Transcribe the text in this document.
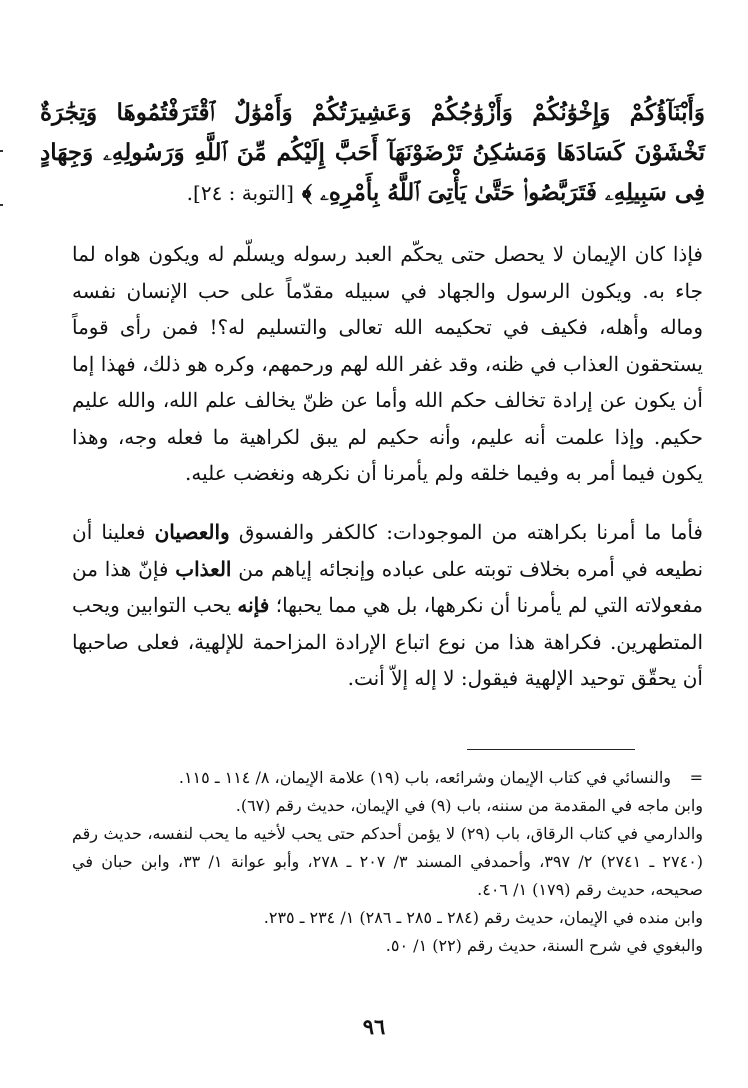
وَأَبْنَآؤُكُمْ وَإِخْوَٰنُكُمْ وَأَزْوَٰجُكُمْ وَعَشِيرَتُكُمْ وَأَمْوَٰلٌ ٱقْتَرَفْتُمُوهَا وَتِجَٰرَةٌ تَخْشَوْنَ كَسَادَهَا وَمَسَٰكِنُ تَرْضَوْنَهَآ أَحَبَّ إِلَيْكُم مِّنَ ٱللَّهِ وَرَسُولِهِۦ وَجِهَادٍ فِى سَبِيلِهِۦ فَتَرَبَّصُوا۟ حَتَّىٰ يَأْتِىَ ٱللَّهُ بِأَمْرِهِۦ ﴾ [التوبة : ٢٤].
فإذا كان الإيمان لا يحصل حتى يحكّم العبد رسوله ويسلّم له ويكون هواه لما جاء به. ويكون الرسول والجهاد في سبيله مقدّماً على حب الإنسان نفسه وماله وأهله، فكيف في تحكيمه الله تعالى والتسليم له؟! فمن رأى قوماً يستحقون العذاب في ظنه، وقد غفر الله لهم ورحمهم، وكره هو ذلك، فهذا إما أن يكون عن إرادة تخالف حكم الله وأما عن ظنّ يخالف علم الله، والله عليم حكيم. وإذا علمت أنه عليم، وأنه حكيم لم يبق لكراهية ما فعله وجه، وهذا يكون فيما أمر به وفيما خلقه ولم يأمرنا أن نكرهه ونغضب عليه.
فأما ما أمرنا بكراهته من الموجودات: كالكفر والفسوق والعصيان فعلينا أن نطيعه في أمره بخلاف توبته على عباده وإنجائه إياهم من العذاب فإنّ هذا من مفعولاته التي لم يأمرنا أن نكرهها، بل هي مما يحبها؛ فإنه يحب التوابين ويحب المتطهرين. فكراهة هذا من نوع اتباع الإرادة المزاحمة للإلهية، فعلى صاحبها أن يحقّق توحيد الإلهية فيقول: لا إله إلاّ أنت.
=
والنسائي في كتاب الإيمان وشرائعه، باب (١٩) علامة الإيمان، ٨/ ١١٤ ـ ١١٥.
وابن ماجه في المقدمة من سننه، باب (٩) في الإيمان، حديث رقم (٦٧).
والدارمي في كتاب الرقاق، باب (٢٩) لا يؤمن أحدكم حتى يحب لأخيه ما يحب لنفسه، حديث رقم (٢٧٤٠ ـ ٢٧٤١) ٢/ ٣٩٧، وأحمدفي المسند ٣/ ٢٠٧ ـ ٢٧٨، وأبو عوانة ١/ ٣٣، وابن حبان في صحيحه، حديث رقم (١٧٩) ١/ ٤٠٦.
وابن منده في الإيمان، حديث رقم (٢٨٤ ـ ٢٨٥ ـ ٢٨٦) ١/ ٢٣٤ ـ ٢٣٥.
والبغوي في شرح السنة، حديث رقم (٢٢) ١/ ٥٠.
٩٦
